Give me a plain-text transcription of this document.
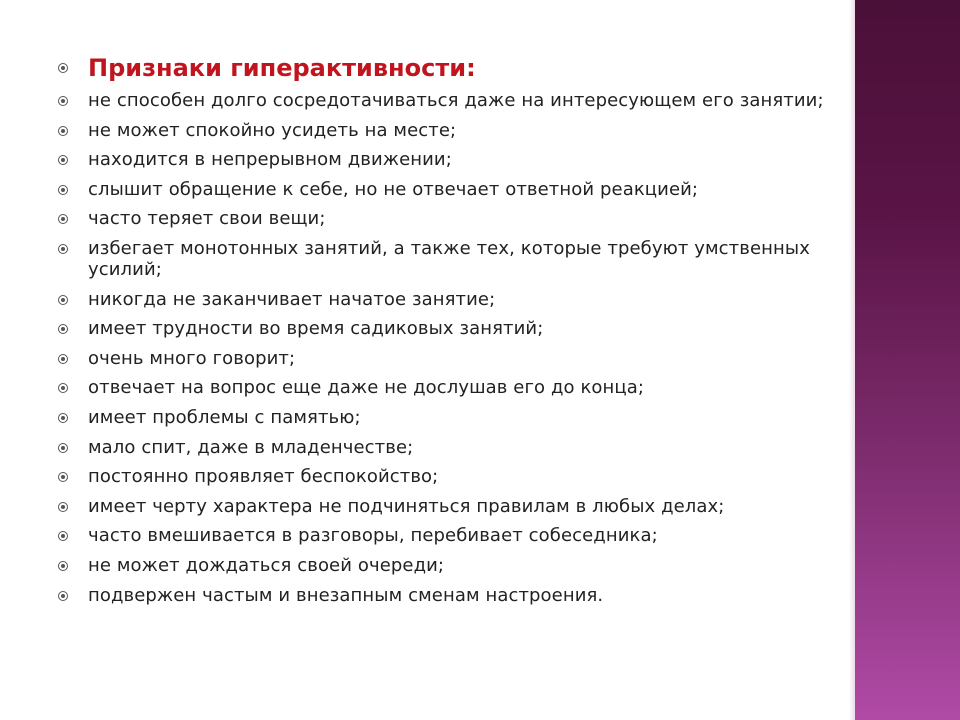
Признаки гиперактивности:
не способен долго сосредотачиваться даже на интересующем его занятии;
не может спокойно усидеть на месте;
находится в непрерывном движении;
слышит обращение к себе, но не отвечает ответной реакцией;
часто теряет свои вещи;
избегает монотонных занятий, а также тех, которые требуют умственных усилий;
никогда не заканчивает начатое занятие;
имеет трудности во время садиковых занятий;
очень много говорит;
отвечает на вопрос еще даже не дослушав его до конца;
имеет проблемы с памятью;
мало спит, даже в младенчестве;
постоянно проявляет беспокойство;
имеет черту характера не подчиняться правилам в любых делах;
часто вмешивается в разговоры, перебивает собеседника;
не может дождаться своей очереди;
подвержен частым и внезапным сменам настроения.
